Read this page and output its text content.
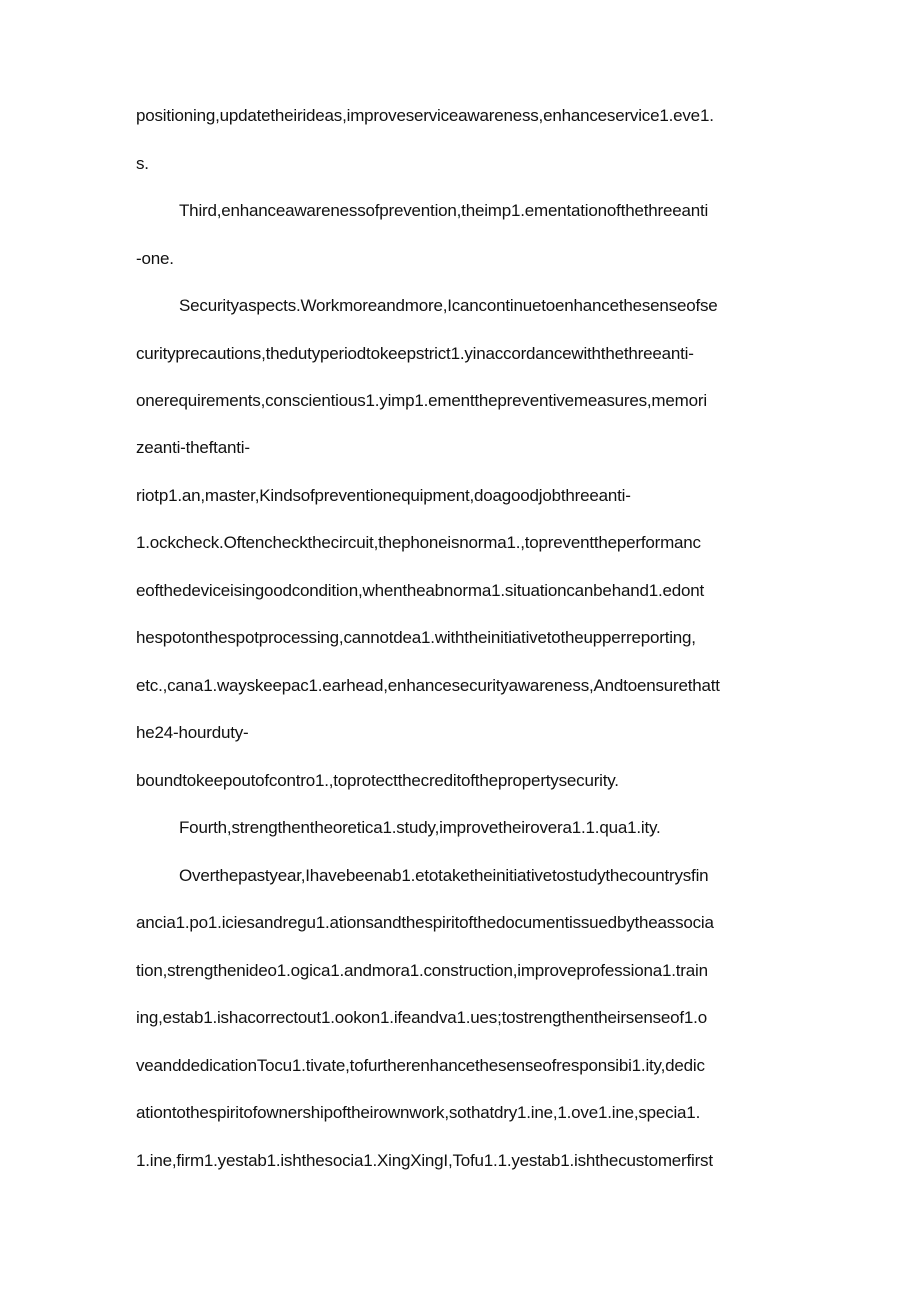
positioning,updatetheirideas,improveserviceawareness,enhanceservice1.eve1.
s.
Third,enhanceawarenessofprevention,theimp1.ementationofthethreeanti
-one.
Securityaspects.Workmoreandmore,Icancontinuetoenhancethesenseofse
curityprecautions,thedutyperiodtokeepstrict1.yinaccordancewiththethreeanti-
onerequirements,conscientious1.yimp1.ementthepreventivemeasures,memori
zeanti-theftanti-
riotp1.an,master,Kindsofpreventionequipment,doagoodjobthreeanti-
1.ockcheck.Oftencheckthecircuit,thephoneisnorma1.,topreventtheperformanc
eofthedeviceisingoodcondition,whentheabnorma1.situationcanbehand1.edont
hespotonthespotprocessing,cannotdea1.withtheinitiativetotheupperreporting,
etc.,cana1.wayskeepac1.earhead,enhancesecurityawareness,Andtoensurethatt
he24-hourduty-
boundtokeepoutofcontro1.,toprotectthecreditofthepropertysecurity.
Fourth,strengthentheoretica1.study,improvetheirovera1.1.qua1.ity.
Overthepastyear,Ihavebeenab1.etotaketheinitiativetostudythecountrysfin
ancia1.po1.iciesandregu1.ationsandthespiritofthedocumentissuedbytheassocia
tion,strengthenideo1.ogica1.andmora1.construction,improveprofessiona1.train
ing,estab1.ishacorrectout1.ookon1.ifeandva1.ues;tostrengthentheirsenseof1.o
veanddedicationTocu1.tivate,tofurtherenhancethesenseofresponsibi1.ity,dedic
ationtothespiritofownershipoftheirownwork,sothatdry1.ine,1.ove1.ine,specia1.
1.ine,firm1.yestab1.ishthesocia1.XingXingI,Tofu1.1.yestab1.ishthecustomerfirst
